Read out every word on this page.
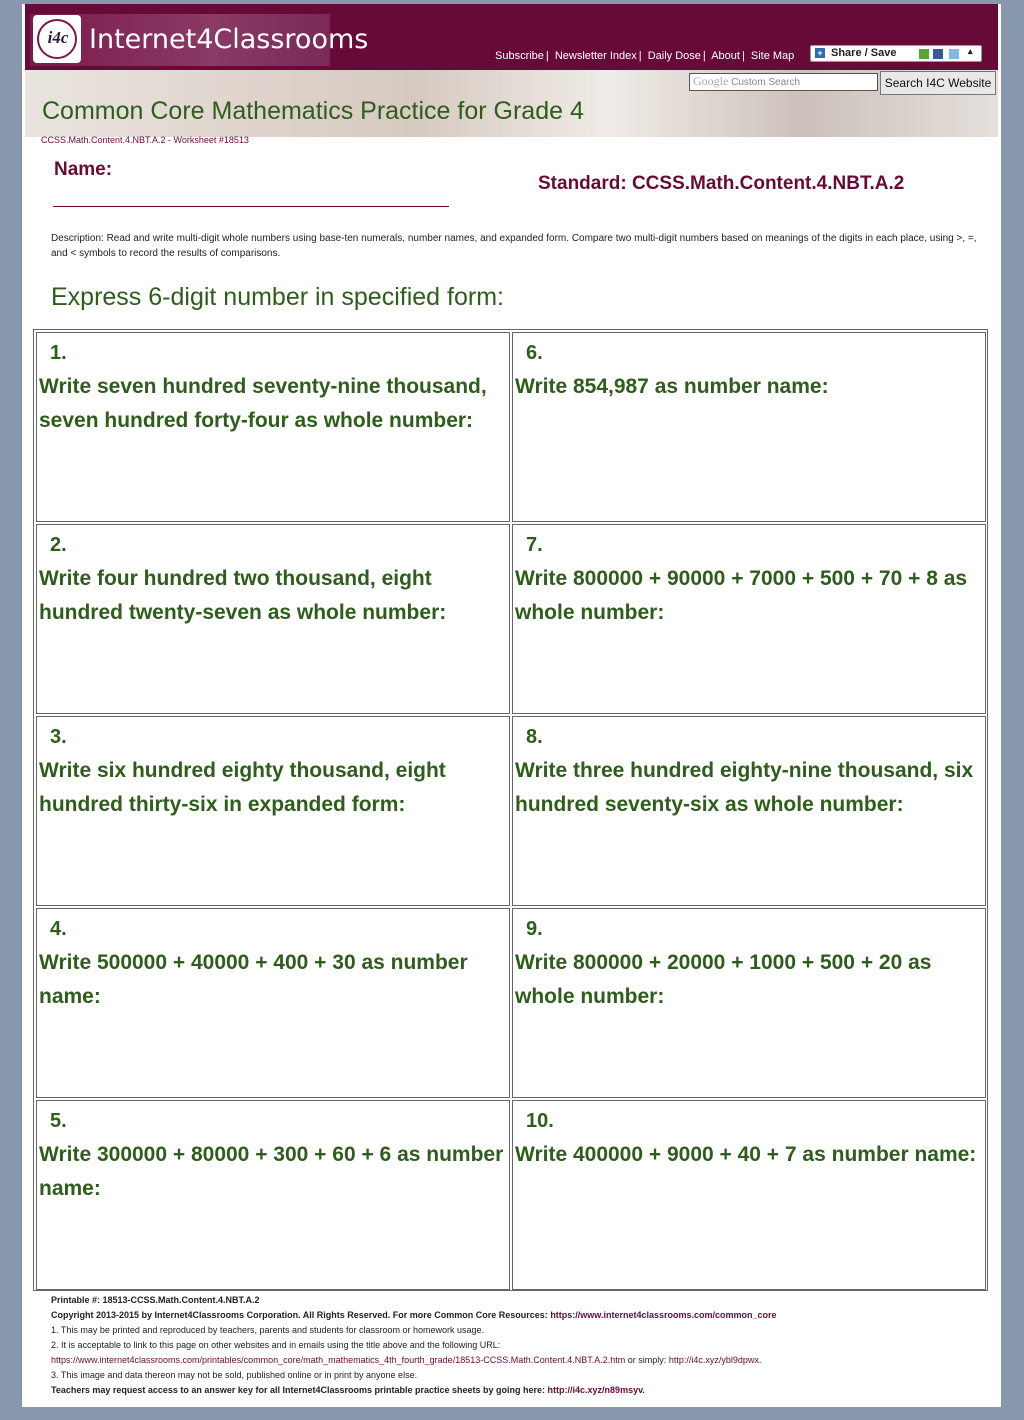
i4c Internet4Classrooms
Subscribe | Newsletter Index | Daily Dose | About | Site Map	+ Share / Save	▴

Google Custom Search	Search I4C Website
Common Core Mathematics Practice for Grade 4
CCSS.Math.Content.4.NBT.A.2 - Worksheet #18513
Name:
Standard: CCSS.Math.Content.4.NBT.A.2
Description: Read and write multi-digit whole numbers using base-ten numerals, number names, and expanded form. Compare two multi-digit numbers based on meanings of the digits in each place, using >, =, and < symbols to record the results of comparisons.
Express 6-digit number in specified form:
1.
Write seven hundred seventy-nine thousand, seven hundred forty-four as whole number:
6.
Write 854,987 as number name:
2.
Write four hundred two thousand, eight hundred twenty-seven as whole number:
7.
Write 800000 + 90000 + 7000 + 500 + 70 + 8 as whole number:
3.
Write six hundred eighty thousand, eight hundred thirty-six in expanded form:
8.
Write three hundred eighty-nine thousand, six hundred seventy-six as whole number:
4.
Write 500000 + 40000 + 400 + 30 as number name:
9.
Write 800000 + 20000 + 1000 + 500 + 20 as whole number:
5.
Write 300000 + 80000 + 300 + 60 + 6 as number name:
10.
Write 400000 + 9000 + 40 + 7 as number name:
Printable #: 18513-CCSS.Math.Content.4.NBT.A.2
Copyright 2013-2015 by Internet4Classrooms Corporation. All Rights Reserved. For more Common Core Resources: https://www.internet4classrooms.com/common_core
1. This may be printed and reproduced by teachers, parents and students for classroom or homework usage.
2. It is acceptable to link to this page on other websites and in emails using the title above and the following URL:
https://www.internet4classrooms.com/printables/common_core/math_mathematics_4th_fourth_grade/18513-CCSS.Math.Content.4.NBT.A.2.htm or simply: http://i4c.xyz/ybl9dpwx.
3. This image and data thereon may not be sold, published online or in print by anyone else.
Teachers may request access to an answer key for all Internet4Classrooms printable practice sheets by going here: http://i4c.xyz/n89msyv.
